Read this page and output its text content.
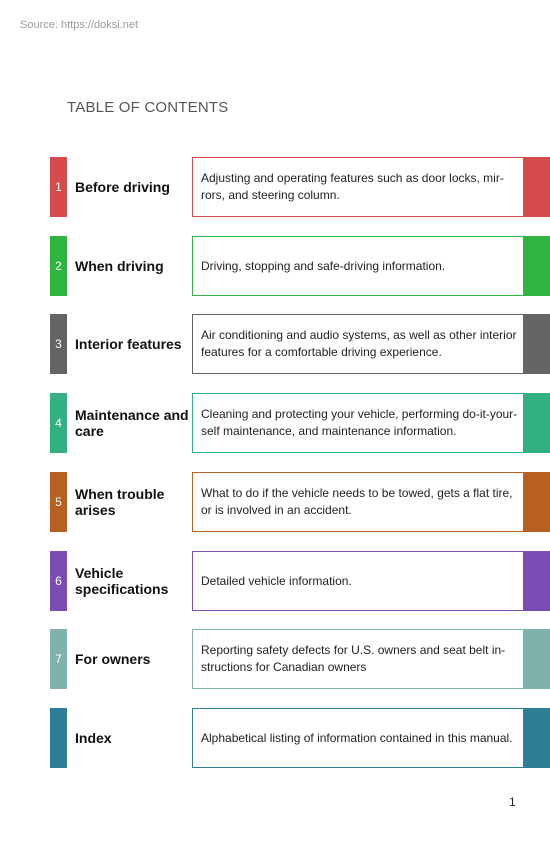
Source: https://doksi.net
TABLE OF CONTENTS
1 Before driving
Adjusting and operating features such as door locks, mir-rors, and steering column.
2 When driving	Driving, stopping and safe-driving information.
3 Interior features
Air conditioning and audio systems, as well as other interior features for a comfortable driving experience.
4 Maintenance and care
Cleaning and protecting your vehicle, performing do-it-your-self maintenance, and maintenance information.
5 When trouble arises
What to do if the vehicle needs to be towed, gets a flat tire, or is involved in an accident.
6 Vehicle specifications
Detailed vehicle information.
7 For owners
Reporting safety defects for U.S. owners and seat belt in-structions for Canadian owners
Index	Alphabetical listing of information contained in this manual.
1
